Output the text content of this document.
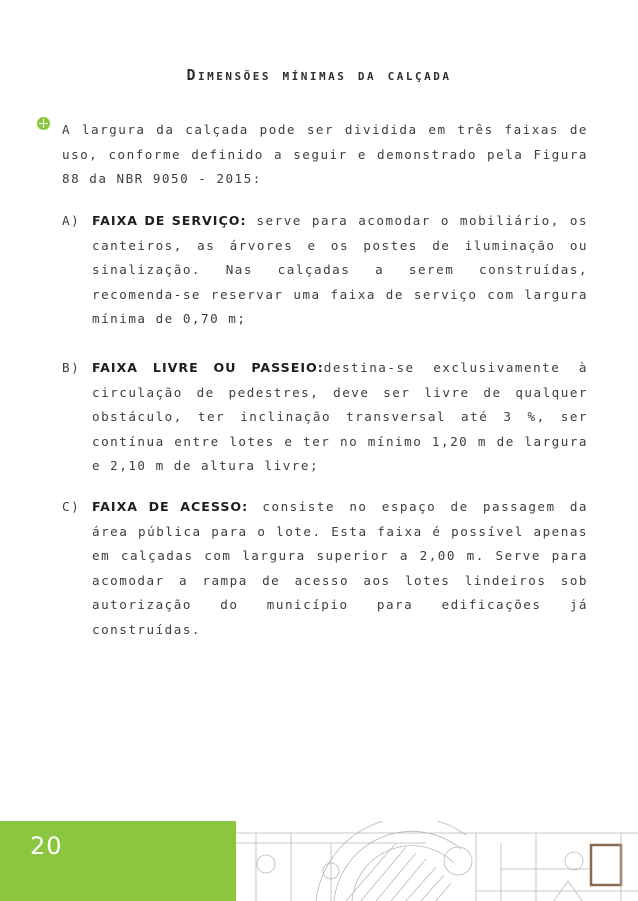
Dimensões mínimas da calçada
A largura da calçada pode ser dividida em três faixas de uso, conforme definido a seguir e demonstrado pela Figura 88 da NBR 9050 - 2015:
A) FAIXA DE SERVIÇO: serve para acomodar o mobiliário, os canteiros, as árvores e os postes de iluminação ou sinalização. Nas calçadas a serem construídas, recomenda-se reservar uma faixa de serviço com largura mínima de 0,70 m;
B) FAIXA LIVRE OU PASSEIO:destina-se exclusivamente à circulação de pedestres, deve ser livre de qualquer obstáculo, ter inclinação transversal até 3 %, ser contínua entre lotes e ter no mínimo 1,20 m de largura e 2,10 m de altura livre;
C) FAIXA DE ACESSO: consiste no espaço de passagem da área pública para o lote. Esta faixa é possível apenas em calçadas com largura superior a 2,00 m. Serve para acomodar a rampa de acesso aos lotes lindeiros sob autorização do município para edificações já construídas.
20
